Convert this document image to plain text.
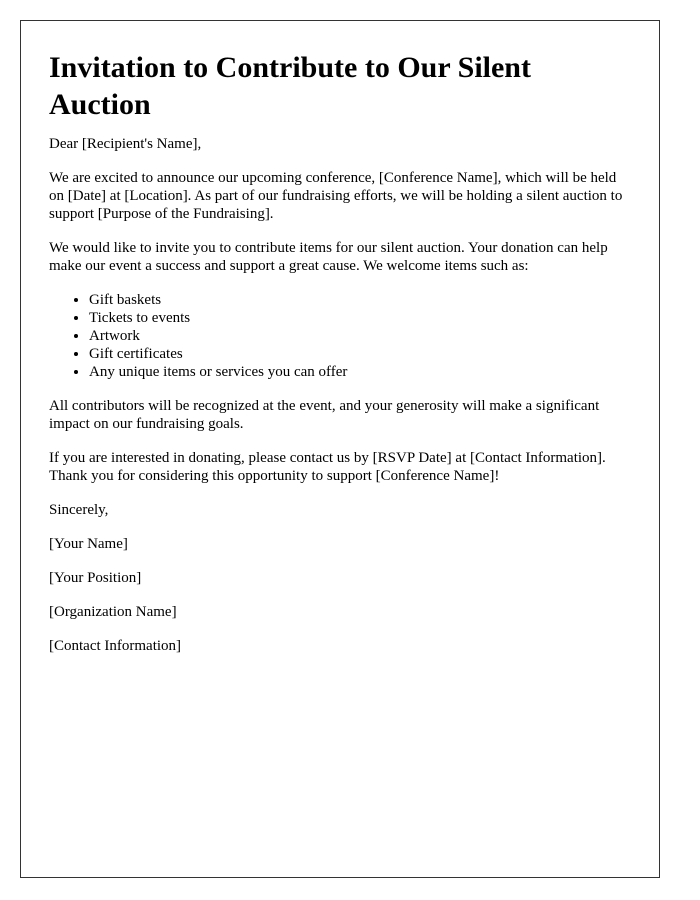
Invitation to Contribute to Our Silent Auction

Dear [Recipient's Name],

We are excited to announce our upcoming conference, [Conference Name], which will be held on [Date] at [Location]. As part of our fundraising efforts, we will be holding a silent auction to support [Purpose of the Fundraising].

We would like to invite you to contribute items for our silent auction. Your donation can help make our event a success and support a great cause. We welcome items such as:

• Gift baskets
• Tickets to events
• Artwork
• Gift certificates
• Any unique items or services you can offer

All contributors will be recognized at the event, and your generosity will make a significant impact on our fundraising goals.

If you are interested in donating, please contact us by [RSVP Date] at [Contact Information]. Thank you for considering this opportunity to support [Conference Name]!

Sincerely,

[Your Name]

[Your Position]

[Organization Name]

[Contact Information]
